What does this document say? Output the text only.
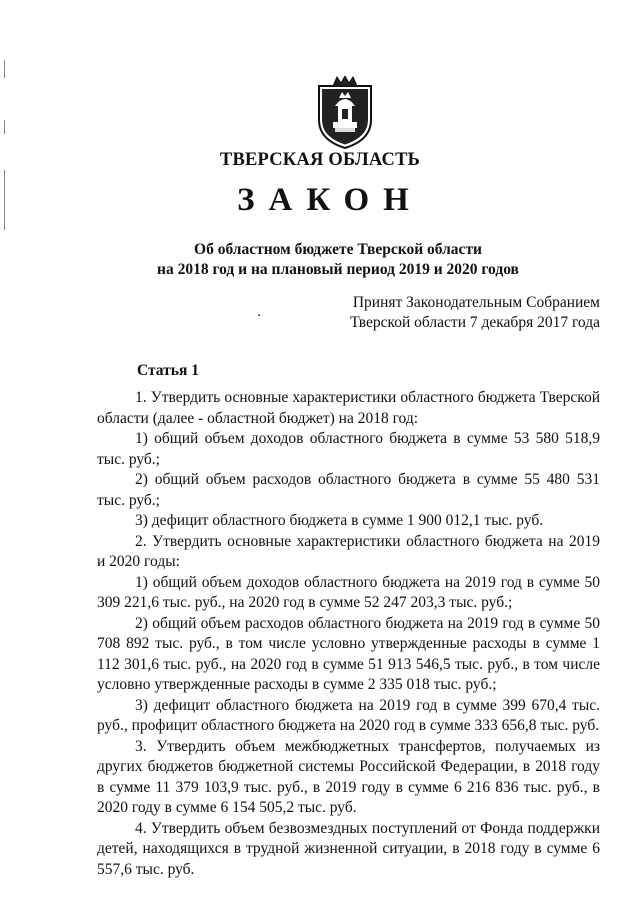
ТВЕРСКАЯ ОБЛАСТЬ
ЗАКОН
Об областном бюджете Тверской области
на 2018 год и на плановый период 2019 и 2020 годов
Принят Законодательным Собранием
Тверской области 7 декабря 2017 года
Статья 1

1. Утвердить основные характеристики областного бюджета Тверской области (далее - областной бюджет) на 2018 год:

1) общий объем доходов областного бюджета в сумме 53 580 518,9 тыс. руб.;

2) общий объем расходов областного бюджета в сумме 55 480 531 тыс. руб.;

3) дефицит областного бюджета в сумме 1 900 012,1 тыс. руб.

2. Утвердить основные характеристики областного бюджета на 2019 и 2020 годы:

1) общий объем доходов областного бюджета на 2019 год в сумме 50 309 221,6 тыс. руб., на 2020 год в сумме 52 247 203,3 тыс. руб.;

2) общий объем расходов областного бюджета на 2019 год в сумме 50 708 892 тыс. руб., в том числе условно утвержденные расходы в сумме 1 112 301,6 тыс. руб., на 2020 год в сумме 51 913 546,5 тыс. руб., в том числе условно утвержденные расходы в сумме 2 335 018 тыс. руб.;

3) дефицит областного бюджета на 2019 год в сумме 399 670,4 тыс. руб., профицит областного бюджета на 2020 год в сумме 333 656,8 тыс. руб.

3. Утвердить объем межбюджетных трансфертов, получаемых из других бюджетов бюджетной системы Российской Федерации, в 2018 году в сумме 11 379 103,9 тыс. руб., в 2019 году в сумме 6 216 836 тыс. руб., в 2020 году в сумме 6 154 505,2 тыс. руб.

4. Утвердить объем безвозмездных поступлений от Фонда поддержки детей, находящихся в трудной жизненной ситуации, в 2018 году в сумме 6 557,6 тыс. руб.
